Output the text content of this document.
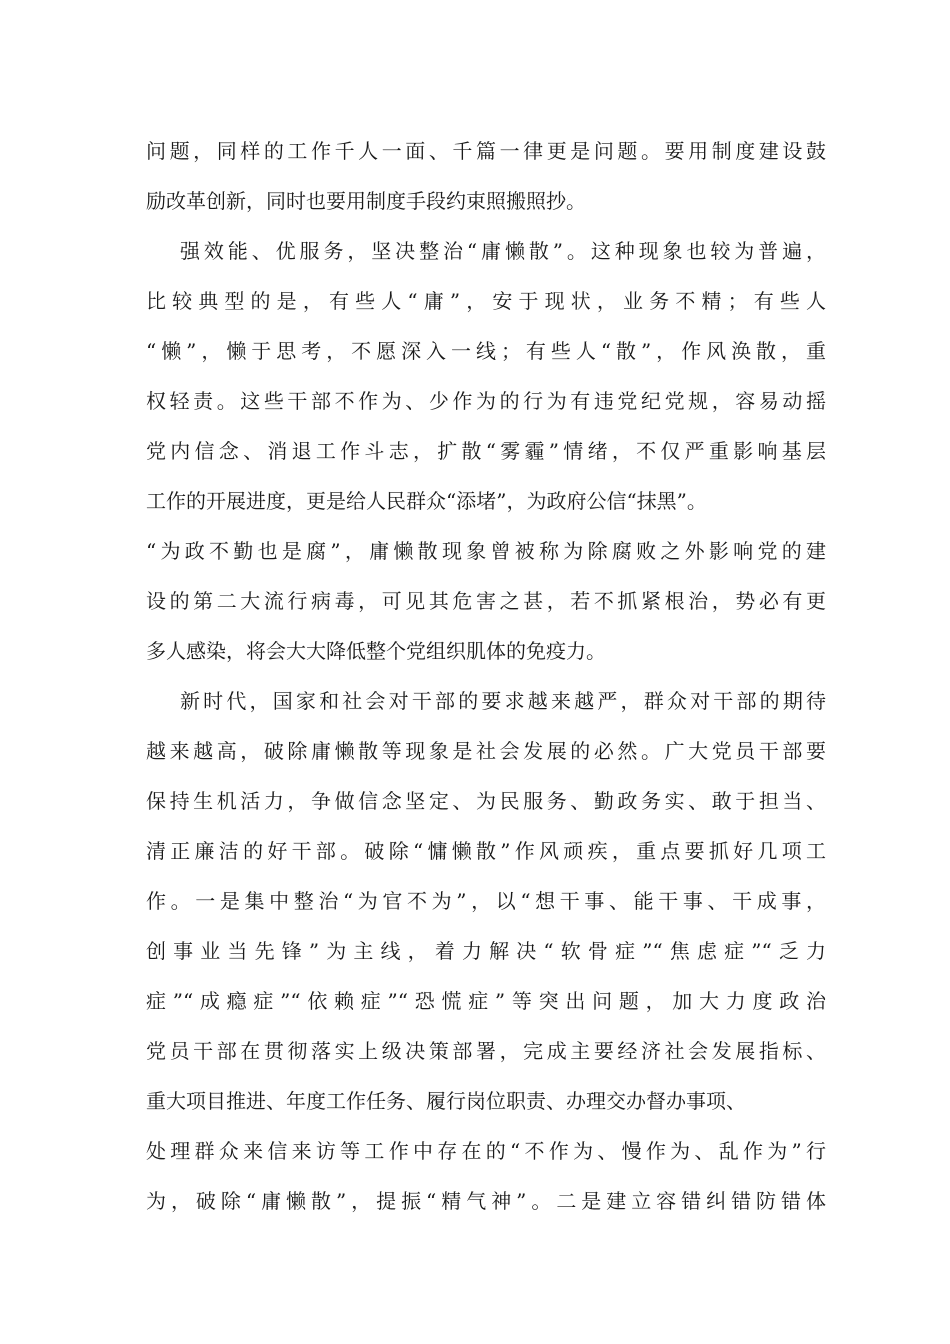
问题，同样的工作千人一面、千篇一律更是问题。要用制度建设鼓
励改革创新，同时也要用制度手段约束照搬照抄。
强效能、优服务，坚决整治“庸懒散”。这种现象也较为普遍，
比较典型的是，有些人“庸”，安于现状，业务不精；有些人
“懒”，懒于思考，不愿深入一线；有些人“散”，作风涣散，重
权轻责。这些干部不作为、少作为的行为有违党纪党规，容易动摇
党内信念、消退工作斗志，扩散“雾霾”情绪，不仅严重影响基层
工作的开展进度，更是给人民群众“添堵”，为政府公信“抹黑”。
“为政不勤也是腐”，庸懒散现象曾被称为除腐败之外影响党的建
设的第二大流行病毒，可见其危害之甚，若不抓紧根治，势必有更
多人感染，将会大大降低整个党组织肌体的免疫力。
新时代，国家和社会对干部的要求越来越严，群众对干部的期待
越来越高，破除庸懒散等现象是社会发展的必然。广大党员干部要
保持生机活力，争做信念坚定、为民服务、勤政务实、敢于担当、
清正廉洁的好干部。破除“慵懒散”作风顽疾，重点要抓好几项工
作。一是集中整治“为官不为”，以“想干事、能干事、干成事，
创事业当先锋”为主线，着力解决“软骨症”“焦虑症”“乏力
症”“成瘾症”“依赖症”“恐慌症”等突出问题，加大力度政治
党员干部在贯彻落实上级决策部署，完成主要经济社会发展指标、
重大项目推进、年度工作任务、履行岗位职责、办理交办督办事项、
处理群众来信来访等工作中存在的“不作为、慢作为、乱作为”行
为，破除“庸懒散”，提振“精气神”。二是建立容错纠错防错体
